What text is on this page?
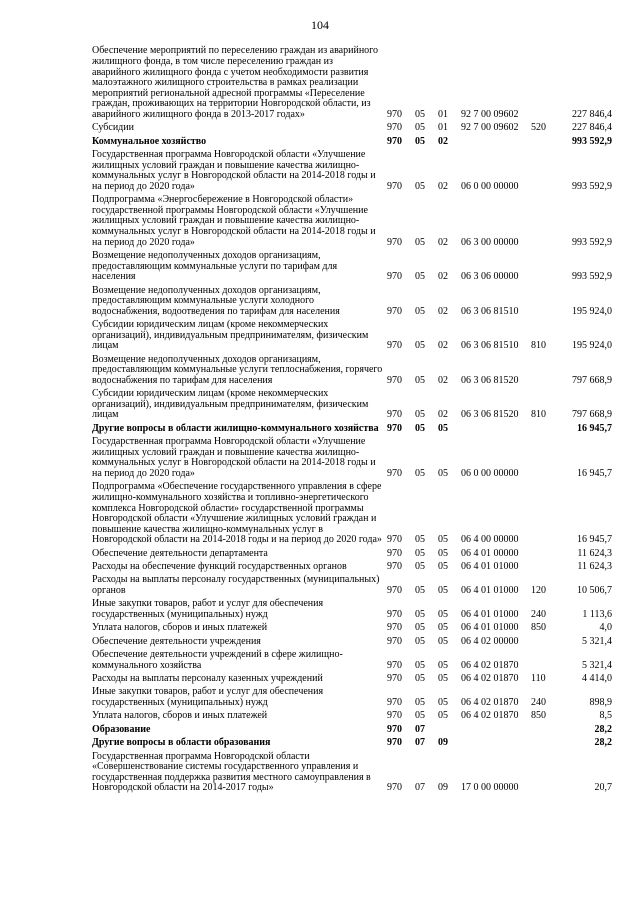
104
Обеспечение мероприятий по переселению граждан из аварийного жилищного фонда, в том числе переселению граждан из аварийного жилищного фонда с учетом необходимости развития малоэтажного жилищного строительства в рамках реализации мероприятий региональной адресной программы «Переселение граждан, проживающих на территории Новгородской области, из аварийного жилищного фонда в 2013-2017 годах»	970	05	01	92 7 00 09602		227 846,4
Субсидии	970	05	01	92 7 00 09602	520	227 846,4
Коммунальное хозяйство	970	05	02			993 592,9
Государственная программа Новгородской области «Улучшение жилищных условий граждан и повышение качества жилищно-коммунальных услуг в Новгородской области на 2014-2018 годы и на период до 2020 года»	970	05	02	06 0 00 00000		993 592,9
Подпрограмма «Энергосбережение в Новгородской области» государственной программы Новгородской области «Улучшение жилищных условий граждан и повышение качества жилищно-коммунальных услуг в Новгородской области на 2014-2018 годы и на период до 2020 года»	970	05	02	06 3 00 00000		993 592,9
Возмещение недополученных доходов организациям, предоставляющим коммунальные услуги по тарифам для населения	970	05	02	06 3 06 00000		993 592,9
Возмещение недополученных доходов организациям, предоставляющим коммунальные услуги холодного водоснабжения, водоотведения по тарифам для населения	970	05	02	06 3 06 81510		195 924,0
Субсидии юридическим лицам (кроме некоммерческих организаций), индивидуальным предпринимателям, физическим лицам	970	05	02	06 3 06 81510	810	195 924,0
Возмещение недополученных доходов организациям, предоставляющим коммунальные услуги теплоснабжения, горячего водоснабжения по тарифам для населения	970	05	02	06 3 06 81520		797 668,9
Субсидии юридическим лицам (кроме некоммерческих организаций), индивидуальным предпринимателям, физическим лицам	970	05	02	06 3 06 81520	810	797 668,9
Другие вопросы в области жилищно-коммунального хозяйства	970	05	05			16 945,7
Государственная программа Новгородской области «Улучшение жилищных условий граждан и повышение качества жилищно-коммунальных услуг в Новгородской области на 2014-2018 годы и на период до 2020 года»	970	05	05	06 0 00 00000		16 945,7
Подпрограмма «Обеспечение государственного управления в сфере жилищно-коммунального хозяйства и топливно-энергетического комплекса Новгородской области» государственной программы Новгородской области «Улучшение жилищных условий граждан и повышение качества жилищно-коммунальных услуг в Новгородской области на 2014-2018 годы и на период до 2020 года»	970	05	05	06 4 00 00000		16 945,7
Обеспечение деятельности департамента	970	05	05	06 4 01 00000		11 624,3
Расходы на обеспечение функций государственных органов	970	05	05	06 4 01 01000		11 624,3
Расходы на выплаты персоналу государственных (муниципальных) органов	970	05	05	06 4 01 01000	120	10 506,7
Иные закупки товаров, работ и услуг для обеспечения государственных (муниципальных) нужд	970	05	05	06 4 01 01000	240	1 113,6
Уплата налогов, сборов и иных платежей	970	05	05	06 4 01 01000	850	4,0
Обеспечение деятельности учреждения	970	05	05	06 4 02 00000		5 321,4
Обеспечение деятельности учреждений в сфере жилищно-коммунального хозяйства	970	05	05	06 4 02 01870		5 321,4
Расходы на выплаты персоналу казенных учреждений	970	05	05	06 4 02 01870	110	4 414,0
Иные закупки товаров, работ и услуг для обеспечения государственных (муниципальных) нужд	970	05	05	06 4 02 01870	240	898,9
Уплата налогов, сборов и иных платежей	970	05	05	06 4 02 01870	850	8,5
Образование	970	07				28,2
Другие вопросы в области образования	970	07	09			28,2
Государственная программа Новгородской области «Совершенствование системы государственного управления и государственная поддержка развития местного самоуправления в Новгородской области на 2014-2017 годы»	970	07	09	17 0 00 00000		20,7
